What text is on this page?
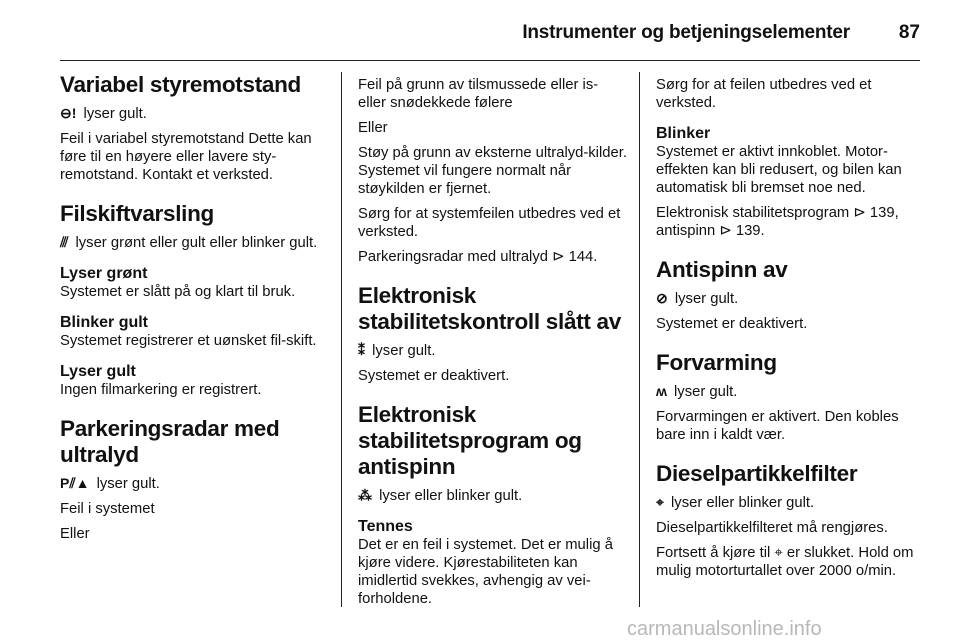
Instrumenter og betjeningselementer	87
Variabel styremotstand
⊖! lyser gult.
Feil i variabel styremotstand Dette kan føre til en høyere eller lavere sty-remotstand. Kontakt et verksted.
Filskiftvarsling
⫻ lyser grønt eller gult eller blinker gult.
Lyser grønt
Systemet er slått på og klart til bruk.
Blinker gult
Systemet registrerer et uønsket fil-skift.
Lyser gult
Ingen filmarkering er registrert.
Parkeringsradar med ultralyd
P⫽▲ lyser gult.
Feil i systemet
Eller
Feil på grunn av tilsmussede eller is- eller snødekkede følere
Eller
Støy på grunn av eksterne ultralyd-kilder. Systemet vil fungere normalt når støykilden er fjernet.
Sørg for at systemfeilen utbedres ved et verksted.
Parkeringsradar med ultralyd ⊳ 144.
Elektronisk stabilitetskontroll slått av
⁑ lyser gult.
Systemet er deaktivert.
Elektronisk stabilitetsprogram og antispinn
⁂ lyser eller blinker gult.
Tennes
Det er en feil i systemet. Det er mulig å kjøre videre. Kjørestabiliteten kan imidlertid svekkes, avhengig av vei-forholdene.
Sørg for at feilen utbedres ved et verksted.
Blinker
Systemet er aktivt innkoblet. Motor-effekten kan bli redusert, og bilen kan automatisk bli bremset noe ned.
Elektronisk stabilitetsprogram ⊳ 139, antispinn ⊳ 139.
Antispinn av
⊘ lyser gult.
Systemet er deaktivert.
Forvarming
ʍ lyser gult.
Forvarmingen er aktivert. Den kobles bare inn i kaldt vær.
Dieselpartikkelfilter
⌖ lyser eller blinker gult.
Dieselpartikkelfilteret må rengjøres.
Fortsett å kjøre til ⌖ er slukket. Hold om mulig motorturtallet over 2000 o/min.
carmanualsonline.info
